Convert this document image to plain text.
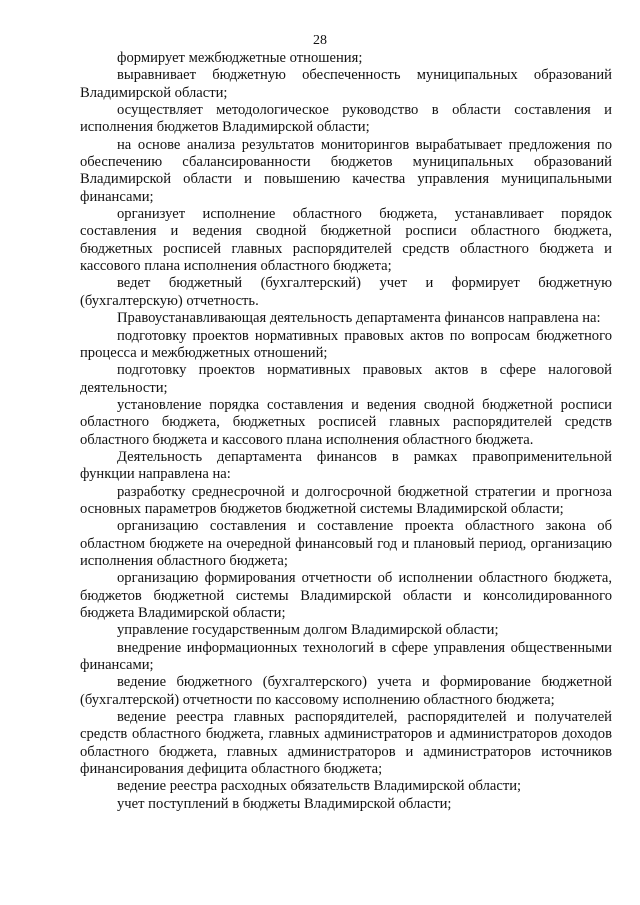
28

формирует межбюджетные отношения;

выравнивает бюджетную обеспеченность муниципальных образований Владимирской области;

осуществляет методологическое руководство в области составления и исполнения бюджетов Владимирской области;

на основе анализа результатов мониторингов вырабатывает предложения по обеспечению сбалансированности бюджетов муниципальных образований Владимирской области и повышению качества управления муниципальными финансами;

организует исполнение областного бюджета, устанавливает порядок составления и ведения сводной бюджетной росписи областного бюджета, бюджетных росписей главных распорядителей средств областного бюджета и кассового плана исполнения областного бюджета;

ведет бюджетный (бухгалтерский) учет и формирует бюджетную (бухгалтерскую) отчетность.

Правоустанавливающая деятельность департамента финансов направлена на:

подготовку проектов нормативных правовых актов по вопросам бюджетного процесса и межбюджетных отношений;

подготовку проектов нормативных правовых актов в сфере налоговой деятельности;

установление порядка составления и ведения сводной бюджетной росписи областного бюджета, бюджетных росписей главных распорядителей средств областного бюджета и кассового плана исполнения областного бюджета.

Деятельность департамента финансов в рамках правоприменительной функции направлена на:

разработку среднесрочной и долгосрочной бюджетной стратегии и прогноза основных параметров бюджетов бюджетной системы Владимирской области;

организацию составления и составление проекта областного закона об областном бюджете на очередной финансовый год и плановый период, организацию исполнения областного бюджета;

организацию формирования отчетности об исполнении областного бюджета, бюджетов бюджетной системы Владимирской области и консолидированного бюджета Владимирской области;

управление государственным долгом Владимирской области;

внедрение информационных технологий в сфере управления общественными финансами;

ведение бюджетного (бухгалтерского) учета и формирование бюджетной (бухгалтерской) отчетности по кассовому исполнению областного бюджета;

ведение реестра главных распорядителей, распорядителей и получателей средств областного бюджета, главных администраторов и администраторов доходов областного бюджета, главных администраторов и администраторов источников финансирования дефицита областного бюджета;

ведение реестра расходных обязательств Владимирской области;

учет поступлений в бюджеты Владимирской области;
